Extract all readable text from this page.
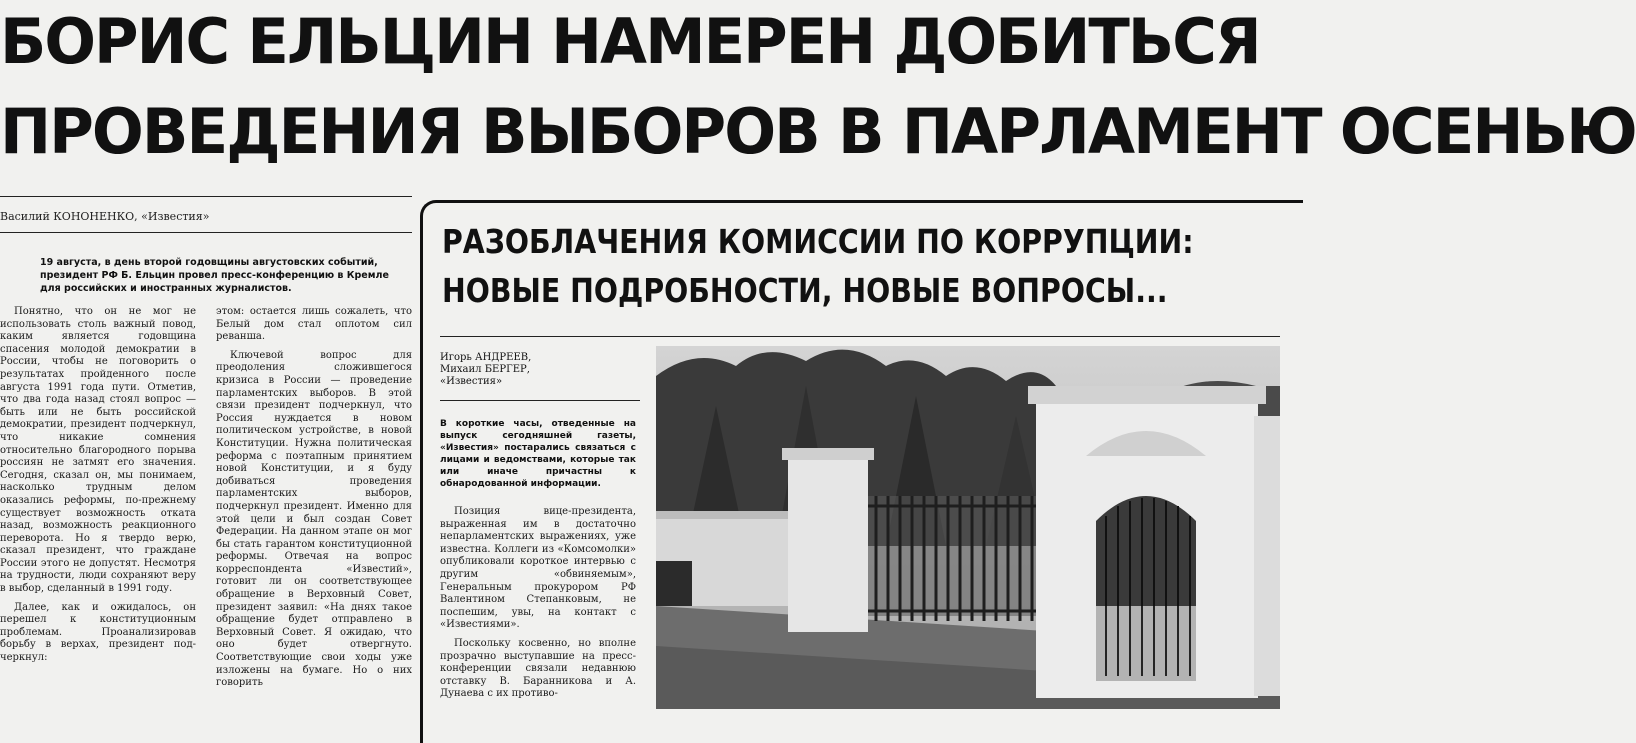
БОРИС ЕЛЬЦИН НАМЕРЕН ДОБИТЬСЯ
ПРОВЕДЕНИЯ ВЫБОРОВ В ПАРЛАМЕНТ ОСЕНЬЮ
Василий КОНОНЕНКО, «Известия»
19 августа, в день второй годовщины августовских событий, президент РФ Б. Ельцин провел пресс-конференцию в Кремле для российских и иностранных журналистов.

Понятно, что он не мог не использовать столь важный повод, каким является годовщина спасения молодой демократии в России, чтобы не поговорить о результатах пройденного после августа 1991 года пути. Отметив, что два года назад стоял вопрос — быть или не быть российской демократии, президент подчеркнул, что никакие сомнения относительно благородного порыва россиян не затмят его значения. Сегодня, сказал он, мы понимаем, насколько трудным делом оказались реформы, по-прежнему существует возможность отката назад, возможность реакционного переворота. Но я твердо верю, сказал президент, что граждане России этого не допустят. Несмотря на трудности, люди сохраняют веру в выбор, сделанный в 1991 году.

Далее, как и ожидалось, он перешел к конституционным проблемам. Проанализировав борьбу в верхах, президент под-черкнул:

этом: остается лишь сожалеть, что Белый дом стал оплотом сил реванша.

Ключевой вопрос для преодоления сложившегося кризиса в России — проведение парламентских выборов. В этой связи президент подчеркнул, что Россия нуждается в новом политическом устройстве, в новой Конституции. Нужна политическая реформа с поэтапным принятием новой Конституции, и я буду добиваться проведения парламентских выборов, подчеркнул президент. Именно для этой цели и был создан Совет Федерации. На данном этапе он мог бы стать гарантом конституционной реформы. Отвечая на вопрос корреспондента «Известий», готовит ли он соответствующее обращение в Верховный Совет, президент заявил: «На днях такое обращение будет отправлено в Верховный Совет. Я ожидаю, что оно будет отвергнуто. Соответствующие свои ходы уже изложены на бумаге. Но о них говорить

РАЗОБЛАЧЕНИЯ КОМИССИИ ПО КОРРУПЦИИ:
НОВЫЕ ПОДРОБНОСТИ, НОВЫЕ ВОПРОСЫ...
Игорь АНДРЕЕВ,
Михаил БЕРГЕР,
«Известия»
В короткие часы, отведенные на выпуск сегодняшней газеты, «Известия» постарались связаться с лицами и ведомствами, которые так или иначе причастны к обнародованной информации.

Позиция вице-президента, выраженная им в достаточно непарламентских выражениях, уже известна. Коллеги из «Комсомолки» опубликовали короткое интервью с другим «обвиняемым», Генеральным прокурором РФ Валентином Степанковым, не поспешим, увы, на контакт с «Известиями».

Поскольку косвенно, но вполне прозрачно выступавшие на пресс-конференции связали недавнюю отставку В. Баранникова и А. Дунаева с их противо-
